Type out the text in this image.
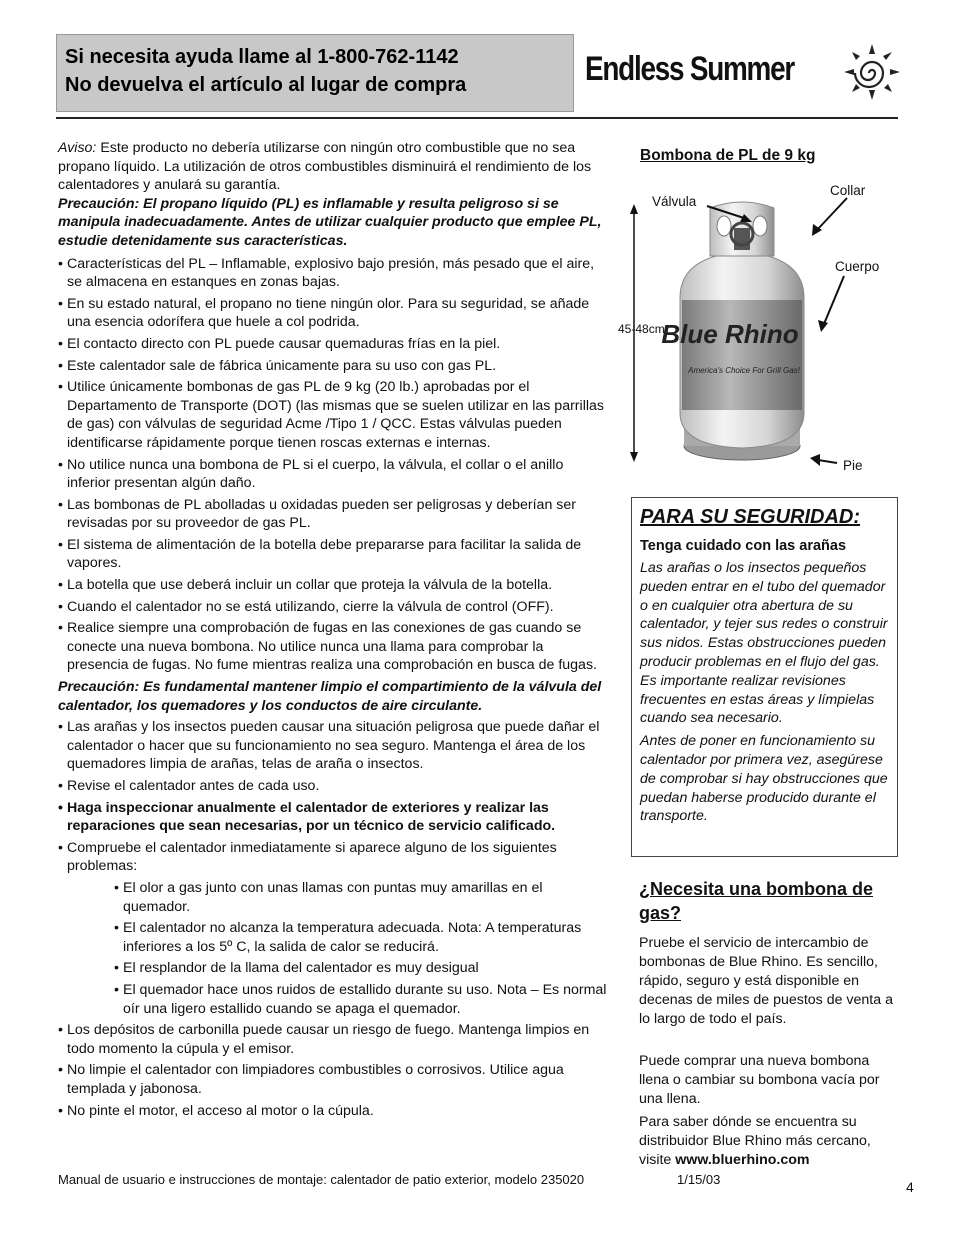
Si necesita ayuda llame al 1-800-762-1142
No devuelva el artículo al lugar de compra	Endless Summer

Aviso: Este producto no debería utilizarse con ningún otro combustible que no sea propano líquido. La utilización de otros combustibles disminuirá el rendimiento de los calentadores y anulará su garantía.

Precaución: El propano líquido (PL) es inflamable y resulta peligroso si se manipula inadecuadamente. Antes de utilizar cualquier producto que emplee PL, estudie detenidamente sus características.

• Características del PL – Inflamable, explosivo bajo presión, más pesado que el aire, se almacena en estanques en zonas bajas.
• En su estado natural, el propano no tiene ningún olor. Para su seguridad, se añade una esencia odorífera que huele a col podrida.
• El contacto directo con PL puede causar quemaduras frías en la piel.
• Este calentador sale de fábrica únicamente para su uso con gas PL.
• Utilice únicamente bombonas de gas PL de 9 kg (20 lb.) aprobadas por el Departamento de Transporte (DOT) (las mismas que se suelen utilizar en las parrillas de gas) con válvulas de seguridad Acme /Tipo 1 / QCC. Estas válvulas pueden identificarse rápidamente porque tienen roscas externas e internas.
• No utilice nunca una bombona de PL si el cuerpo, la válvula, el collar o el anillo inferior presentan algún daño.
• Las bombonas de PL abolladas u oxidadas pueden ser peligrosas y deberían ser revisadas por su proveedor de gas PL.
• El sistema de alimentación de la botella debe prepararse para facilitar la salida de vapores.
• La botella que use deberá incluir un collar que proteja la válvula de la botella.
• Cuando el calentador no se está utilizando, cierre la válvula de control (OFF).
• Realice siempre una comprobación de fugas en las conexiones de gas cuando se conecte una nueva bombona. No utilice nunca una llama para comprobar la presencia de fugas. No fume mientras realiza una comprobación en busca de fugas.

Precaución: Es fundamental mantener limpio el compartimiento de la válvula del calentador, los quemadores y los conductos de aire circulante.

• Las arañas y los insectos pueden causar una situación peligrosa que puede dañar el calentador o hacer que su funcionamiento no sea seguro. Mantenga el área de los quemadores limpia de arañas, telas de araña o insectos.
• Revise el calentador antes de cada uso.
• Haga inspeccionar anualmente el calentador de exteriores y realizar las reparaciones que sean necesarias, por un técnico de servicio calificado.
• Compruebe el calentador inmediatamente si aparece alguno de los siguientes problemas:
• El olor a gas junto con unas llamas con puntas muy amarillas en el quemador.
• El calentador no alcanza la temperatura adecuada. Nota: A temperaturas inferiores a los 5º C, la salida de calor se reducirá.
• El resplandor de la llama del calentador es muy desigual
• El quemador hace unos ruidos de estallido durante su uso. Nota – Es normal oír una ligero estallido cuando se apaga el quemador.
• Los depósitos de carbonilla puede causar un riesgo de fuego. Mantenga limpios en todo momento la cúpula y el emisor.
• No limpie el calentador con limpiadores combustibles o corrosivos. Utilice agua templada y jabonosa.
• No pinte el motor, el acceso al motor o la cúpula.
Bombona de PL de 9 kg
Blue Rhino
America's Choice For Grill Gas!
Válvula
Collar
Cuerpo
Pie
45-48cm
PARA SU SEGURIDAD:
Tenga cuidado con las arañas
Las arañas o los insectos pequeños pueden entrar en el tubo del quemador o en cualquier otra abertura de su calentador, y tejer sus redes o construir sus nidos. Estas obstrucciones pueden producir problemas en el flujo del gas. Es importante realizar revisiones frecuentes en estas áreas y límpielas cuando sea necesario.
Antes de poner en funcionamiento su calentador por primera vez, asegúrese de comprobar si hay obstrucciones que puedan haberse producido durante el transporte.
¿Necesita una bombona de gas?
Pruebe el servicio de intercambio de bombonas de Blue Rhino. Es sencillo, rápido, seguro y está disponible en decenas de miles de puestos de venta a lo largo de todo el país.
Puede comprar una nueva bombona llena o cambiar su bombona vacía por una llena.
Para saber dónde se encuentra su distribuidor Blue Rhino más cercano, visite www.bluerhino.com
Manual de usuario e instrucciones de montaje: calentador de patio exterior, modelo 235020	1/15/03	4
